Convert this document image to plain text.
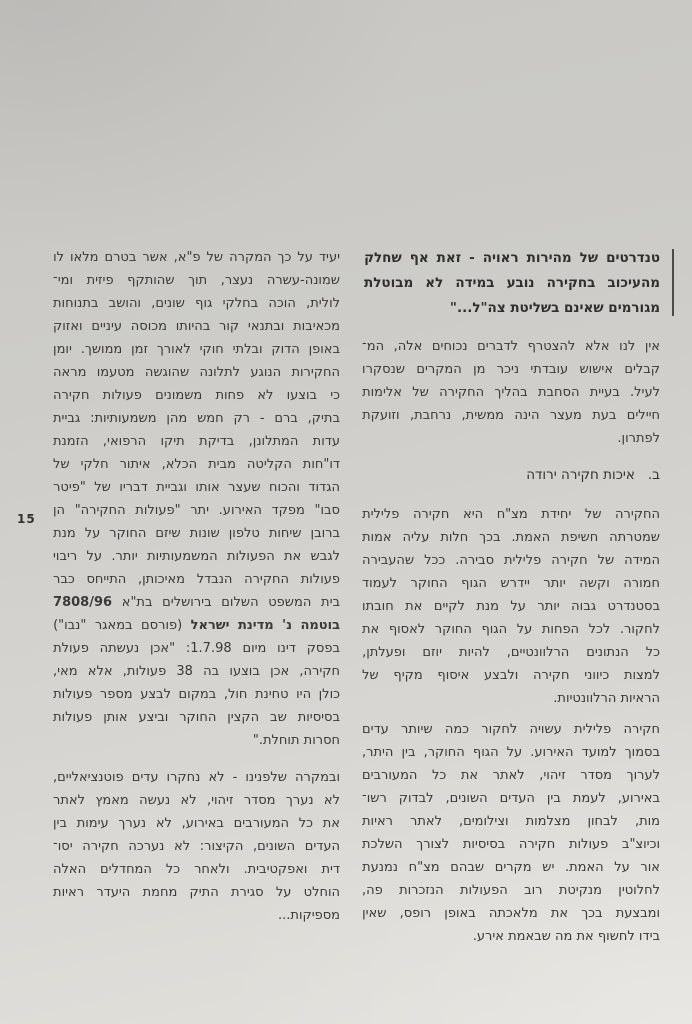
15
טנדרטים
של
מהירות
ראויה
-
זאת
אף
שחלק
מהעיכוב
בחקירה
נובע
במידה
לא
מבוטלת
מגורמים שאינם בשליטת צה"ל..."
אין
לנו
אלא
להצטרף
לדברים
נכוחים
אלה,
המ־
קבלים
אישוש
עובדתי
ניכר
מן
המקרים
שנסקרו
לעיל.
בעיית
הסחבת
בהליך
החקירה
של
אלימות
חיילים
בעת
מעצר
הינה
ממשית,
נרחבת,
וזועקת
לפתרון.
ב.
איכות חקירה ירודה
החקירה
של
יחידת
מצ"ח
היא
חקירה
פלילית
שמטרתה
חשיפת
האמת.
בכך
חלות
עליה
אמות
המידה
של
חקירה
פלילית
סבירה.
ככל
שהעבירה
חמורה
וקשה
יותר
יידרש
הגוף
החוקר
לעמוד
בסטנדרט
גבוה
יותר
על
מנת
לקיים
את
חובתו
לחקור.
לכל
הפחות
על
הגוף
החוקר
לאסוף
את
כל
הנתונים
הרלוונטיים,
להיות
יוזם
ופעלתן,
למצות
כיווני
חקירה
ולבצע
איסוף
מקיף
של
הראיות הרלוונטיות.
חקירה
פלילית
עשויה
לחקור
כמה
שיותר
עדים
בסמוך
למועד
האירוע.
על
הגוף
החוקר,
בין
היתר,
לערוך
מסדר
זיהוי,
לאתר
את
כל
המעורבים
באירוע,
לעמת
בין
העדים
השונים,
לבדוק
רשו־
מות,
לבחון
מצלמות
וצילומים,
לאתר
ראיות
וכיוצ"ב
פעולות
חקירה
בסיסיות
לצורך
השלכת
אור
על
האמת.
יש
מקרים
שבהם
מצ"ח
נמנעת
לחלוטין
מנקיטת
רוב
הפעולות
הנזכרות
פה,
ומבצעת
בכך
את
מלאכתה
באופן
רופס,
שאין
בידו לחשוף את מה שבאמת אירע.
יעיד
על
כך
המקרה
של
פ"א,
אשר
בטרם
מלאו
לו
שמונה-עשרה
נעצר,
תוך
שהותקף
פיזית
ומי־
לולית,
הוכה
בחלקי
גוף
שונים,
והושב
בתנוחות
מכאיבות
ובתנאי
קור
בהיותו
מכוסה
עיניים
ואזוק
באופן
הדוק
ובלתי
חוקי
לאורך
זמן
ממושך.
יומן
החקירות
הנוגע
לתלונה
שהוגשה
מטעמו
מראה
כי
בוצעו
לא
פחות
משמונים
פעולות
חקירה
בתיק,
ברם
-
רק
חמש
מהן
משמעותיות:
גביית
עדות
המתלונן,
בדיקת
תיקו
הרפואי,
הזמנת
דו"חות
הקליטה
מבית
הכלא,
איתור
חלקי
של
הגדוד
והכוח
שעצר
אותו
וגביית
דבריו
של
"פיטר
סבו"
מפקד
האירוע.
יתר
"פעולות
החקירה"
הן
ברובן
שיחות
טלפון
שונות
שיזם
החוקר
על
מנת
לגבש
את
הפעולות
המשמעותיות
יותר.
על
ריבוי
פעולות
החקירה
הנבדל
מאיכותן,
התייחס
כבר
בית
המשפט
השלום
בירושלים
בת"א
7808/96
בוטמה
נ'
מדינת
ישראל
(פורסם
במאגר
"נבו")
בפסק
דינו
מיום
1.7.98:
"אכן
נעשתה
פעולת
חקירה,
אכן
בוצעו
בה
38
פעולות,
אלא
מאי,
כולן
היו
טחינת
חול,
במקום
לבצע
מספר
פעולות
בסיסיות
שב
הקצין
החוקר
וביצע
אותן
פעולות
חסרות תוחלת."
ובמקרה
שלפנינו
-
לא
נחקרו
עדים
פוטנציאליים,
לא
נערך
מסדר
זיהוי,
לא
נעשה
מאמץ
לאתר
את
כל
המעורבים
באירוע,
לא
נערך
עימות
בין
העדים
השונים,
הקיצור:
לא
נערכה
חקירה
יסו־
דית
ואפקטיבית.
ולאחר
כל
המחדלים
האלה
הוחלט
על
סגירת
התיק
מחמת
היעדר
ראיות
מספיקות...
